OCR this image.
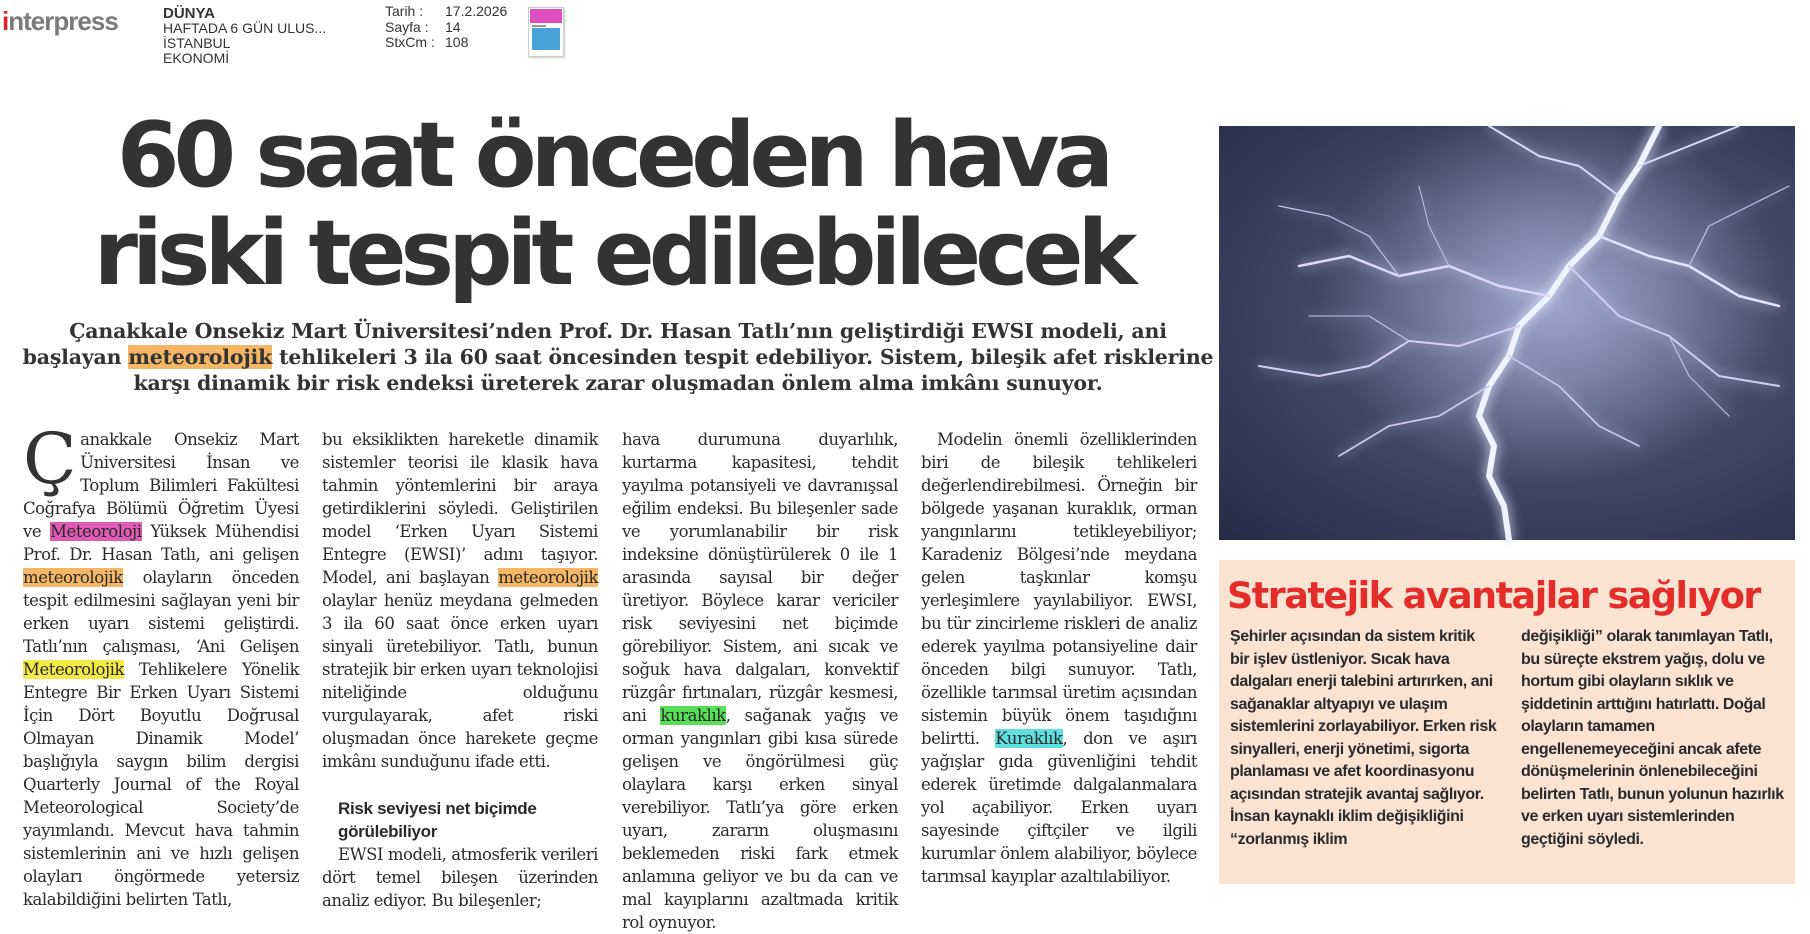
interpress	DÜNYA
HAFTADA 6 GÜN ULUS...
İSTANBUL
EKONOMİ
Tarih :	17.2.2026
Sayfa :	14
StxCm : 108
60 saat önceden hava
riski tespit edilebilecek
Çanakkale Onsekiz Mart Üniversitesi’nden Prof. Dr. Hasan Tatlı’nın geliştirdiği EWSI modeli, ani başlayan meteorolojik tehlikeleri 3 ila 60 saat öncesinden tespit edebiliyor. Sistem, bileşik afet risklerine karşı dinamik bir risk endeksi üreterek zarar oluşmadan önlem alma imkânı sunuyor.

Çanakkale Onsekiz Mart Üniversitesi İnsan ve Toplum Bilimleri Fakültesi Coğrafya Bölümü Öğretim Üyesi ve Meteoroloji Yüksek Mühendisi Prof. Dr. Hasan Tatlı, ani gelişen meteorolojik olayların önceden tespit edilmesini sağlayan yeni bir erken uyarı sistemi geliştirdi. Tatlı’nın çalışması, ‘Ani Gelişen Meteorolojik Tehlikelere Yönelik Entegre Bir Erken Uyarı Sistemi İçin Dört Boyutlu Doğrusal Olmayan Dinamik Model’ başlığıyla saygın bilim dergisi Quarterly Journal of the Royal Meteorological Society’de yayımlandı. Mevcut hava tahmin sistemlerinin ani ve hızlı gelişen olayları öngörmede yetersiz kalabildiğini belirten Tatlı,

bu eksiklikten hareketle dinamik sistemler teorisi ile klasik hava tahmin yöntemlerini bir araya getirdiklerini söyledi. Geliştirilen model ‘Erken Uyarı Sistemi Entegre (EWSI)’ adını taşıyor. Model, ani başlayan meteorolojik olaylar henüz meydana gelmeden 3 ila 60 saat önce erken uyarı sinyali üretebiliyor. Tatlı, bunun stratejik bir erken uyarı teknolojisi niteliğinde olduğunu vurgulayarak, afet riski oluşmadan önce harekete geçme imkânı sunduğunu ifade etti.

Risk seviyesi net biçimde görülebiliyor

EWSI modeli, atmosferik verileri dört temel bileşen üzerinden analiz ediyor. Bu bileşenler;

hava durumuna duyarlılık, kurtarma kapasitesi, tehdit yayılma potansiyeli ve davranışsal eğilim endeksi. Bu bileşenler sade ve yorumlanabilir bir risk indeksine dönüştürülerek 0 ile 1 arasında sayısal bir değer üretiyor. Böylece karar vericiler risk seviyesini net biçimde görebiliyor. Sistem, ani sıcak ve soğuk hava dalgaları, konvektif rüzgâr fırtınaları, rüzgâr kesmesi, ani kuraklık, sağanak yağış ve orman yangınları gibi kısa sürede gelişen ve öngörülmesi güç olaylara karşı erken sinyal verebiliyor. Tatlı’ya göre erken uyarı, zararın oluşmasını beklemeden riski fark etmek anlamına geliyor ve bu da can ve mal kayıplarını azaltmada kritik rol oynuyor.

Modelin önemli özelliklerinden biri de bileşik tehlikeleri değerlendirebilmesi. Örneğin bir bölgede yaşanan kuraklık, orman yangınlarını tetikleyebiliyor; Karadeniz Bölgesi’nde meydana gelen taşkınlar komşu yerleşimlere yayılabiliyor. EWSI, bu tür zincirleme riskleri de analiz ederek yayılma potansiyeline dair önceden bilgi sunuyor. Tatlı, özellikle tarımsal üretim açısından sistemin büyük önem taşıdığını belirtti. Kuraklık, don ve aşırı yağışlar gıda güvenliğini tehdit ederek üretimde dalgalanmalara yol açabiliyor. Erken uyarı sayesinde çiftçiler ve ilgili kurumlar önlem alabiliyor, böylece tarımsal kayıplar azaltılabiliyor.

Stratejik avantajlar sağlıyor
Şehirler açısından da sistem kritik bir işlev üstleniyor. Sıcak hava dalgaları enerji talebini artırırken, ani sağanaklar altyapıyı ve ulaşım sistemlerini zorlayabiliyor. Erken risk sinyalleri, enerji yönetimi, sigorta planlaması ve afet koordinasyonu açısından stratejik avantaj sağlıyor. İnsan kaynaklı iklim değişikliğini “zorlanmış iklim
değişikliği” olarak tanımlayan Tatlı, bu süreçte ekstrem yağış, dolu ve hortum gibi olayların sıklık ve şiddetinin arttığını hatırlattı. Doğal olayların tamamen engellenemeyeceğini ancak afete dönüşmelerinin önlenebileceğini belirten Tatlı, bunun yolunun hazırlık ve erken uyarı sistemlerinden geçtiğini söyledi.
